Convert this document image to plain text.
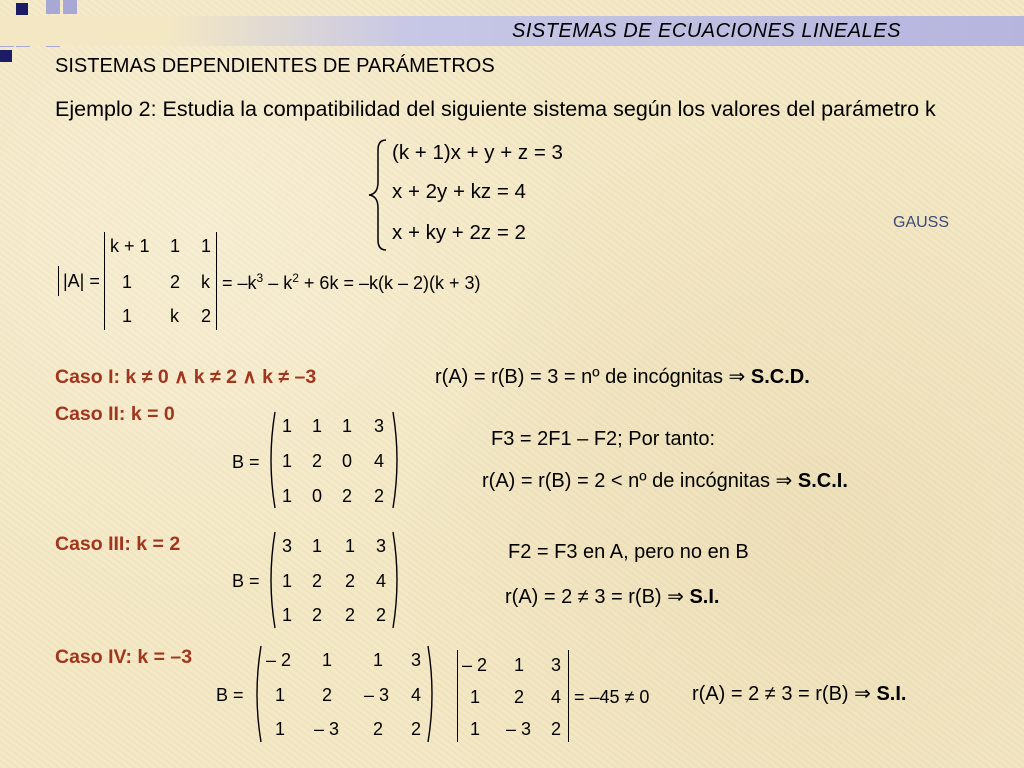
SISTEMAS DE ECUACIONES LINEALES
SISTEMAS DEPENDIENTES DE PARÁMETROS
Ejemplo 2: Estudia la compatibilidad del siguiente sistema según los valores del parámetro k
(k + 1)x + y + z = 3
x + 2y + kz = 4
x + ky + 2z = 2	GAUSS
|A| =
k + 1 1 1
1 2 k
1 k 2
= $-k^3 - k^2 + 6k = -k(k - 2)(k + 3)$
Caso I: k ≠ 0 ∧ k ≠ 2 ∧ k ≠ –3	r(A) = r(B) = 3 = nº de incógnitas ⇒ S.C.D.
Caso II: k = 0
B =
1 1 1 3
1 2 0 4
1 0 2 2
F3 = 2F1 – F2; Por tanto:
r(A) = r(B) = 2 < nº de incógnitas ⇒ S.C.I.
Caso III: k = 2
B =
3 1 1 3
1 2 2 4
1 2 2 2
F2 = F3 en A, pero no en B
r(A) = 2 ≠ 3 = r(B) ⇒ S.I.
Caso IV: k = –3
B =
– 2 1 1 3
1 2 – 3 4
1 – 3 2 2
– 2 1 3
1 2 4
1 – 3 2
= –45 ≠ 0 r(A) = 2 ≠ 3 = r(B) ⇒ S.I.
